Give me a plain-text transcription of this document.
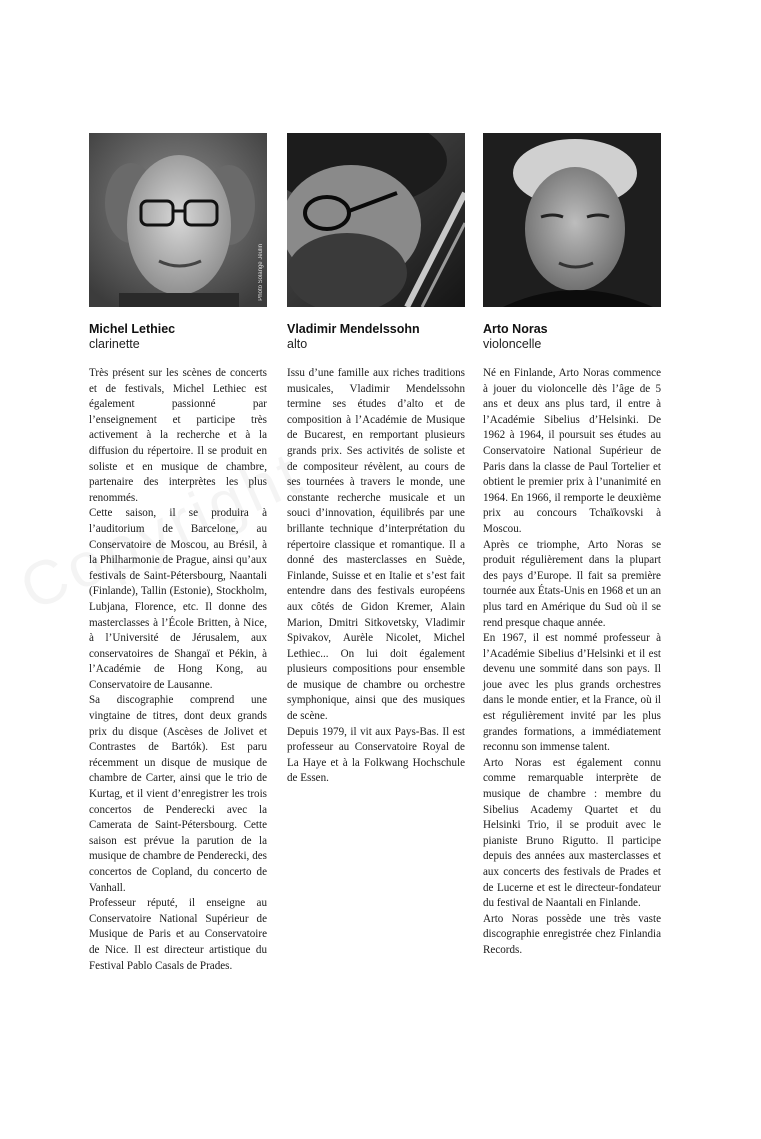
Photo Solange Jeulin
Michel Lethiec
clarinette

Très présent sur les scènes de concerts et de festivals, Michel Lethiec est également passionné par l’enseignement et participe très activement à la recherche et à la diffusion du répertoire. Il se produit en soliste et en musique de chambre, partenaire des interprètes les plus renommés.

Cette saison, il se produira à l’auditorium de Barcelone, au Conservatoire de Moscou, au Brésil, à la Philharmonie de Prague, ainsi qu’aux festivals de Saint-Pétersbourg, Naantali (Finlande), Tallin (Estonie), Stockholm, Lubjana, Florence, etc. Il donne des masterclasses à l’École Britten, à Nice, à l’Université de Jérusalem, aux conservatoires de Shangaï et Pékin, à l’Académie de Hong Kong, au Conservatoire de Lausanne.

Sa discographie comprend une vingtaine de titres, dont deux grands prix du disque (Ascèses de Jolivet et Contrastes de Bartók). Est paru récemment un disque de musique de chambre de Carter, ainsi que le trio de Kurtag, et il vient d’enregistrer les trois concertos de Penderecki avec la Camerata de Saint-Pétersbourg. Cette saison est prévue la parution de la musique de chambre de Penderecki, des concertos de Copland, du concerto de Vanhall.

Professeur réputé, il enseigne au Conservatoire National Supérieur de Musique de Paris et au Conservatoire de Nice. Il est directeur artistique du Festival Pablo Casals de Prades.

Vladimir Mendelssohn
alto

Issu d’une famille aux riches traditions musicales, Vladimir Mendelssohn termine ses études d’alto et de composition à l’Académie de Musique de Bucarest, en remportant plusieurs grands prix. Ses activités de soliste et de compositeur révèlent, au cours de ses tournées à travers le monde, une constante recherche musicale et un souci d’innovation, équilibrés par une brillante technique d’interprétation du répertoire classique et romantique. Il a donné des masterclasses en Suède, Finlande, Suisse et en Italie et s’est fait entendre dans des festivals européens aux côtés de Gidon Kremer, Alain Marion, Dmitri Sitkovetsky, Vladimir Spivakov, Aurèle Nicolet, Michel Lethiec... On lui doit également plusieurs compositions pour ensemble de musique de chambre ou orchestre symphonique, ainsi que des musiques de scène.

Depuis 1979, il vit aux Pays-Bas. Il est professeur au Conservatoire Royal de La Haye et à la Folkwang Hochschule de Essen.

Arto Noras
violoncelle

Né en Finlande, Arto Noras commence à jouer du violoncelle dès l’âge de 5 ans et deux ans plus tard, il entre à l’Académie Sibelius d’Helsinki. De 1962 à 1964, il poursuit ses études au Conservatoire National Supérieur de Paris dans la classe de Paul Tortelier et obtient le premier prix à l’unanimité en 1964. En 1966, il remporte le deuxième prix au concours Tchaïkovski à Moscou.

Après ce triomphe, Arto Noras se produit régulièrement dans la plupart des pays d’Europe. Il fait sa première tournée aux États-Unis en 1968 et un an plus tard en Amérique du Sud où il se rend presque chaque année.

En 1967, il est nommé professeur à l’Académie Sibelius d’Helsinki et il est devenu une sommité dans son pays. Il joue avec les plus grands orchestres dans le monde entier, et la France, où il est régulièrement invité par les plus grandes formations, a immédiatement reconnu son immense talent.

Arto Noras est également connu comme remarquable interprète de musique de chambre : membre du Sibelius Academy Quartet et du Helsinki Trio, il se produit avec le pianiste Bruno Rigutto. Il participe depuis des années aux masterclasses et aux concerts des festivals de Prades et de Lucerne et est le directeur-fondateur du festival de Naantali en Finlande.

Arto Noras possède une très vaste discographie enregistrée chez Finlandia Records.
